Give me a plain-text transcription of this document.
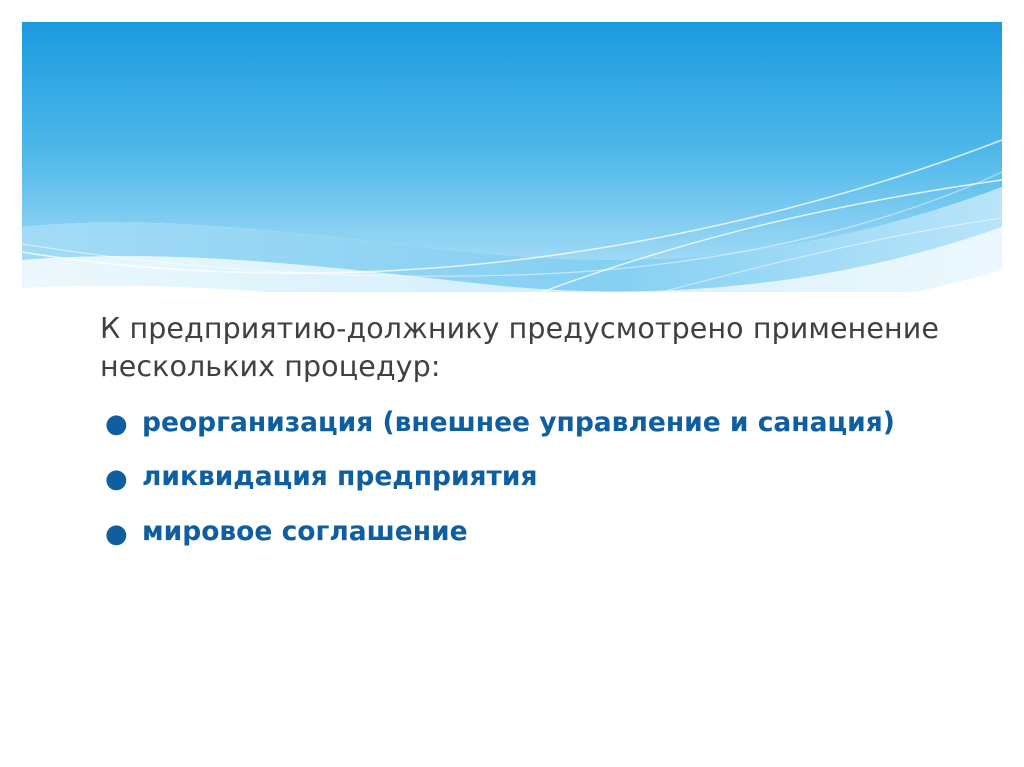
К предприятию-должнику предусмотрено применение нескольких процедур:

● реорганизация (внешнее управление и санация)
● ликвидация предприятия
● мировое соглашение
